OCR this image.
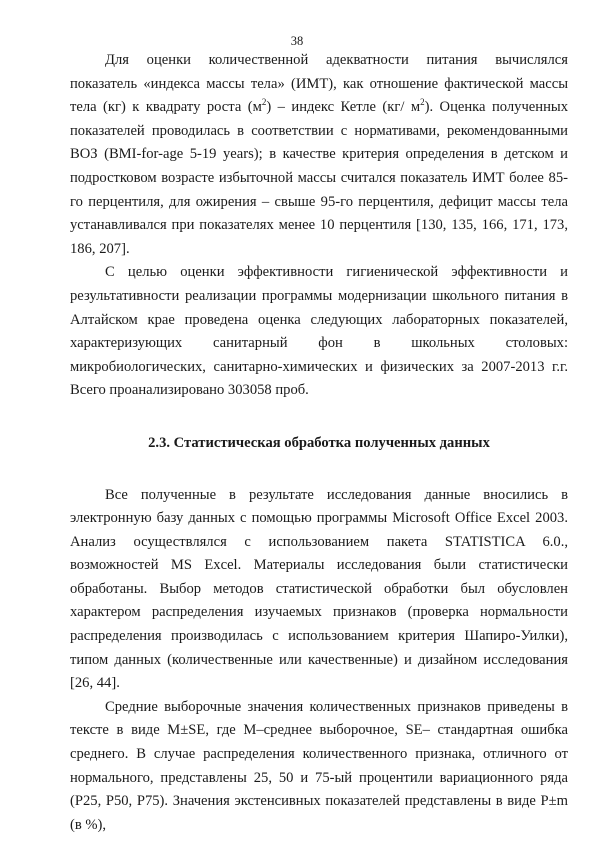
38

Для оценки количественной адекватности питания вычислялся показатель «индекса массы тела» (ИМТ), как отношение фактической массы тела (кг) к квадрату роста $(м^2)$ – индекс Кетле (кг/ $м^2$). Оценка полученных показателей проводилась в соответствии с нормативами, рекомендованными ВОЗ (BMI-for-age 5-19 years); в качестве критерия определения в детском и подростковом возрасте избыточной массы считался показатель ИМТ более 85-го перцентиля, для ожирения – свыше 95-го перцентиля, дефицит массы тела устанавливался при показателях менее 10 перцентиля [130, 135, 166, 171, 173, 186, 207].

С целью оценки эффективности гигиенической эффективности и результативности реализации программы модернизации школьного питания в Алтайском крае проведена оценка следующих лабораторных показателей, характеризующих санитарный фон в школьных столовых: микробиологических, санитарно-химических и физических за 2007-2013 г.г. Всего проанализировано 303058 проб.

2.3. Статистическая обработка полученных данных

Все полученные в результате исследования данные вносились в электронную базу данных с помощью программы Microsoft Office Excel 2003. Анализ осуществлялся с использованием пакета STATISTICA 6.0., возможностей MS Excel. Материалы исследования были статистически обработаны. Выбор методов статистической обработки был обусловлен характером распределения изучаемых признаков (проверка нормальности распределения производилась с использованием критерия Шапиро-Уилки), типом данных (количественные или качественные) и дизайном исследования [26, 44].

Средние выборочные значения количественных признаков приведены в тексте в виде M±SE, где M–среднее выборочное, SE– стандартная ошибка среднего. В случае распределения количественного признака, отличного от нормального, представлены 25, 50 и 75-ый процентили вариационного ряда (P25, P50, P75). Значения экстенсивных показателей представлены в виде P±m (в %),
